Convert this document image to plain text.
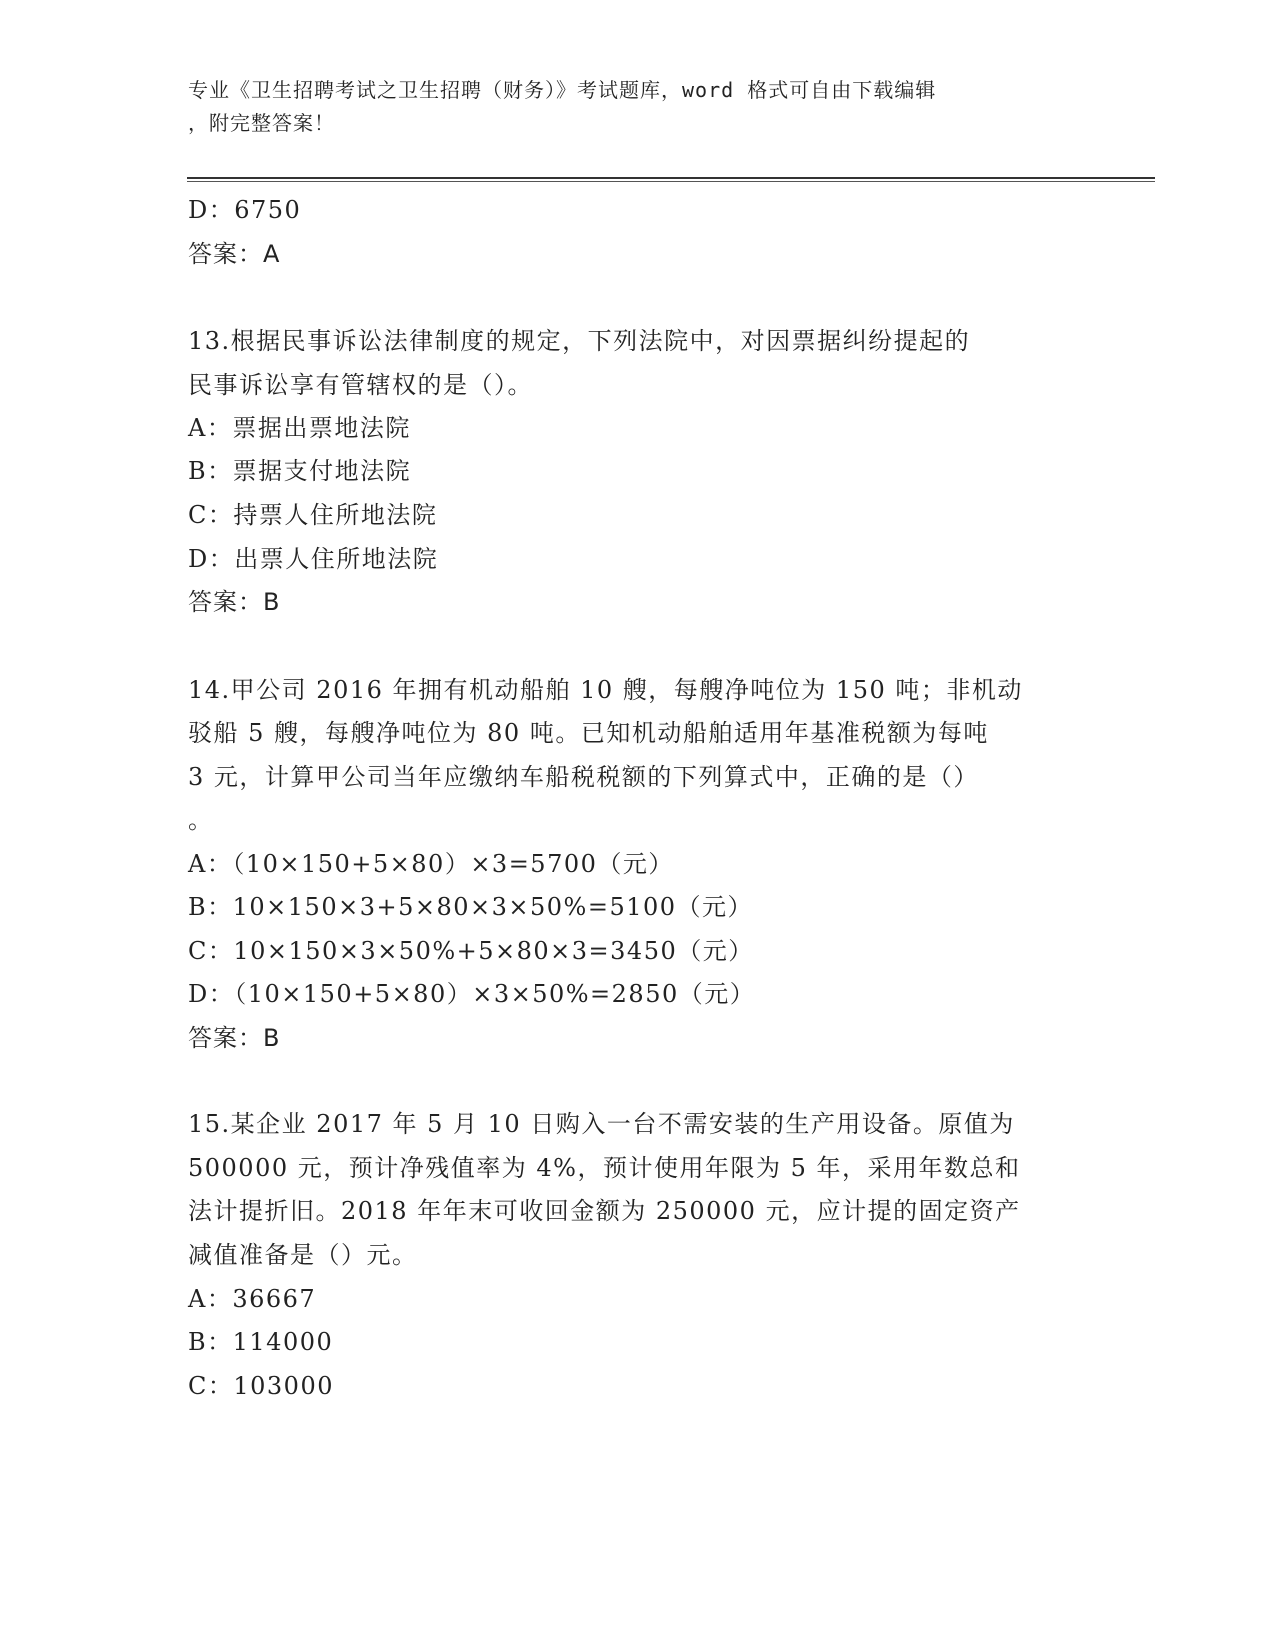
专业《卫生招聘考试之卫生招聘（财务）》考试题库，word 格式可自由下载编辑
，附完整答案！
D：6750
答案：A
13.根据民事诉讼法律制度的规定，下列法院中，对因票据纠纷提起的
民事诉讼享有管辖权的是（）。
A：票据出票地法院
B：票据支付地法院
C：持票人住所地法院
D：出票人住所地法院
答案：B
14.甲公司 2016 年拥有机动船舶 10 艘，每艘净吨位为 150 吨；非机动
驳船 5 艘，每艘净吨位为 80 吨。已知机动船舶适用年基准税额为每吨
3 元，计算甲公司当年应缴纳车船税税额的下列算式中，正确的是（）
。
A：（10×150+5×80）×3=5700（元）
B：10×150×3+5×80×3×50%=5100（元）
C：10×150×3×50%+5×80×3=3450（元）
D：（10×150+5×80）×3×50%=2850（元）
答案：B
15.某企业 2017 年 5 月 10 日购入一台不需安装的生产用设备。原值为
500000 元，预计净残值率为 4%，预计使用年限为 5 年，采用年数总和
法计提折旧。2018 年年末可收回金额为 250000 元，应计提的固定资产
减值准备是（）元。
A：36667
B：114000
C：103000
